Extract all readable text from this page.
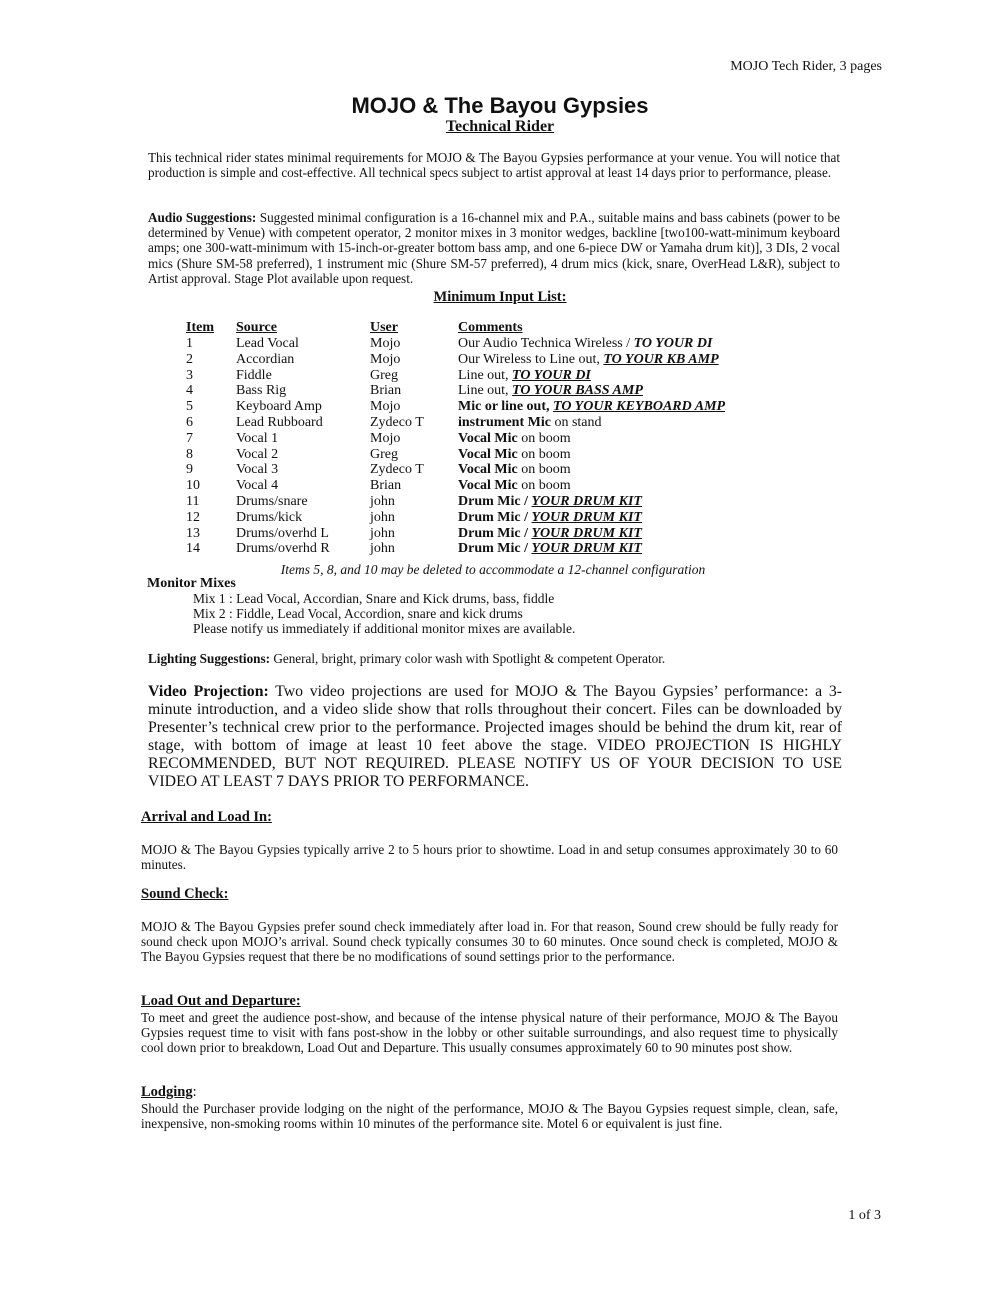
MOJO Tech Rider, 3 pages
MOJO & The Bayou Gypsies
Technical Rider
This technical rider states minimal requirements for MOJO & The Bayou Gypsies performance at your venue. You will notice that production is simple and cost-effective. All technical specs subject to artist approval at least 14 days prior to performance, please.
Audio Suggestions: Suggested minimal configuration is a 16-channel mix and P.A., suitable mains and bass cabinets (power to be determined by Venue) with competent operator, 2 monitor mixes in 3 monitor wedges, backline [two100-watt-minimum keyboard amps; one 300-watt-minimum with 15-inch-or-greater bottom bass amp, and one 6-piece DW or Yamaha drum kit)], 3 DIs, 2 vocal mics (Shure SM-58 preferred), 1 instrument mic (Shure SM-57 preferred), 4 drum mics (kick, snare, OverHead L&R), subject to Artist approval. Stage Plot available upon request.
Minimum Input List:
Item	Source	User	Comments
1	Lead Vocal	Mojo	Our Audio Technica Wireless / TO YOUR DI
2	Accordian	Mojo	Our Wireless to Line out, TO YOUR KB AMP
3	Fiddle	Greg	Line out, TO YOUR DI
4	Bass Rig	Brian	Line out, TO YOUR BASS AMP
5	Keyboard Amp	Mojo	Mic or line out, TO YOUR KEYBOARD AMP
6	Lead Rubboard	Zydeco T	instrument Mic on stand
7	Vocal 1	Mojo	Vocal Mic on boom
8	Vocal 2	Greg	Vocal Mic on boom
9	Vocal 3	Zydeco T	Vocal Mic on boom
10	Vocal 4	Brian	Vocal Mic on boom
11	Drums/snare	john	Drum Mic / YOUR DRUM KIT
12	Drums/kick	john	Drum Mic / YOUR DRUM KIT
13	Drums/overhd L	john	Drum Mic / YOUR DRUM KIT
14	Drums/overhd R	john	Drum Mic / YOUR DRUM KIT
Items 5, 8, and 10 may be deleted to accommodate a 12-channel configuration
Monitor Mixes
Mix 1 : Lead Vocal, Accordian, Snare and Kick drums, bass, fiddle
Mix 2 : Fiddle, Lead Vocal, Accordion, snare and kick drums
Please notify us immediately if additional monitor mixes are available.
Lighting Suggestions: General, bright, primary color wash with Spotlight & competent Operator.
Video Projection: Two video projections are used for MOJO & The Bayou Gypsies’ performance: a 3-minute introduction, and a video slide show that rolls throughout their concert. Files can be downloaded by Presenter’s technical crew prior to the performance. Projected images should be behind the drum kit, rear of stage, with bottom of image at least 10 feet above the stage. VIDEO PROJECTION IS HIGHLY RECOMMENDED, BUT NOT REQUIRED. PLEASE NOTIFY US OF YOUR DECISION TO USE VIDEO AT LEAST 7 DAYS PRIOR TO PERFORMANCE.
Arrival and Load In:
MOJO & The Bayou Gypsies typically arrive 2 to 5 hours prior to showtime. Load in and setup consumes approximately 30 to 60 minutes.
Sound Check:
MOJO & The Bayou Gypsies prefer sound check immediately after load in. For that reason, Sound crew should be fully ready for sound check upon MOJO’s arrival. Sound check typically consumes 30 to 60 minutes. Once sound check is completed, MOJO & The Bayou Gypsies request that there be no modifications of sound settings prior to the performance.
Load Out and Departure:
To meet and greet the audience post-show, and because of the intense physical nature of their performance, MOJO & The Bayou Gypsies request time to visit with fans post-show in the lobby or other suitable surroundings, and also request time to physically cool down prior to breakdown, Load Out and Departure. This usually consumes approximately 60 to 90 minutes post show.
Lodging:
Should the Purchaser provide lodging on the night of the performance, MOJO & The Bayou Gypsies request simple, clean, safe, inexpensive, non-smoking rooms within 10 minutes of the performance site. Motel 6 or equivalent is just fine.
1 of 3
